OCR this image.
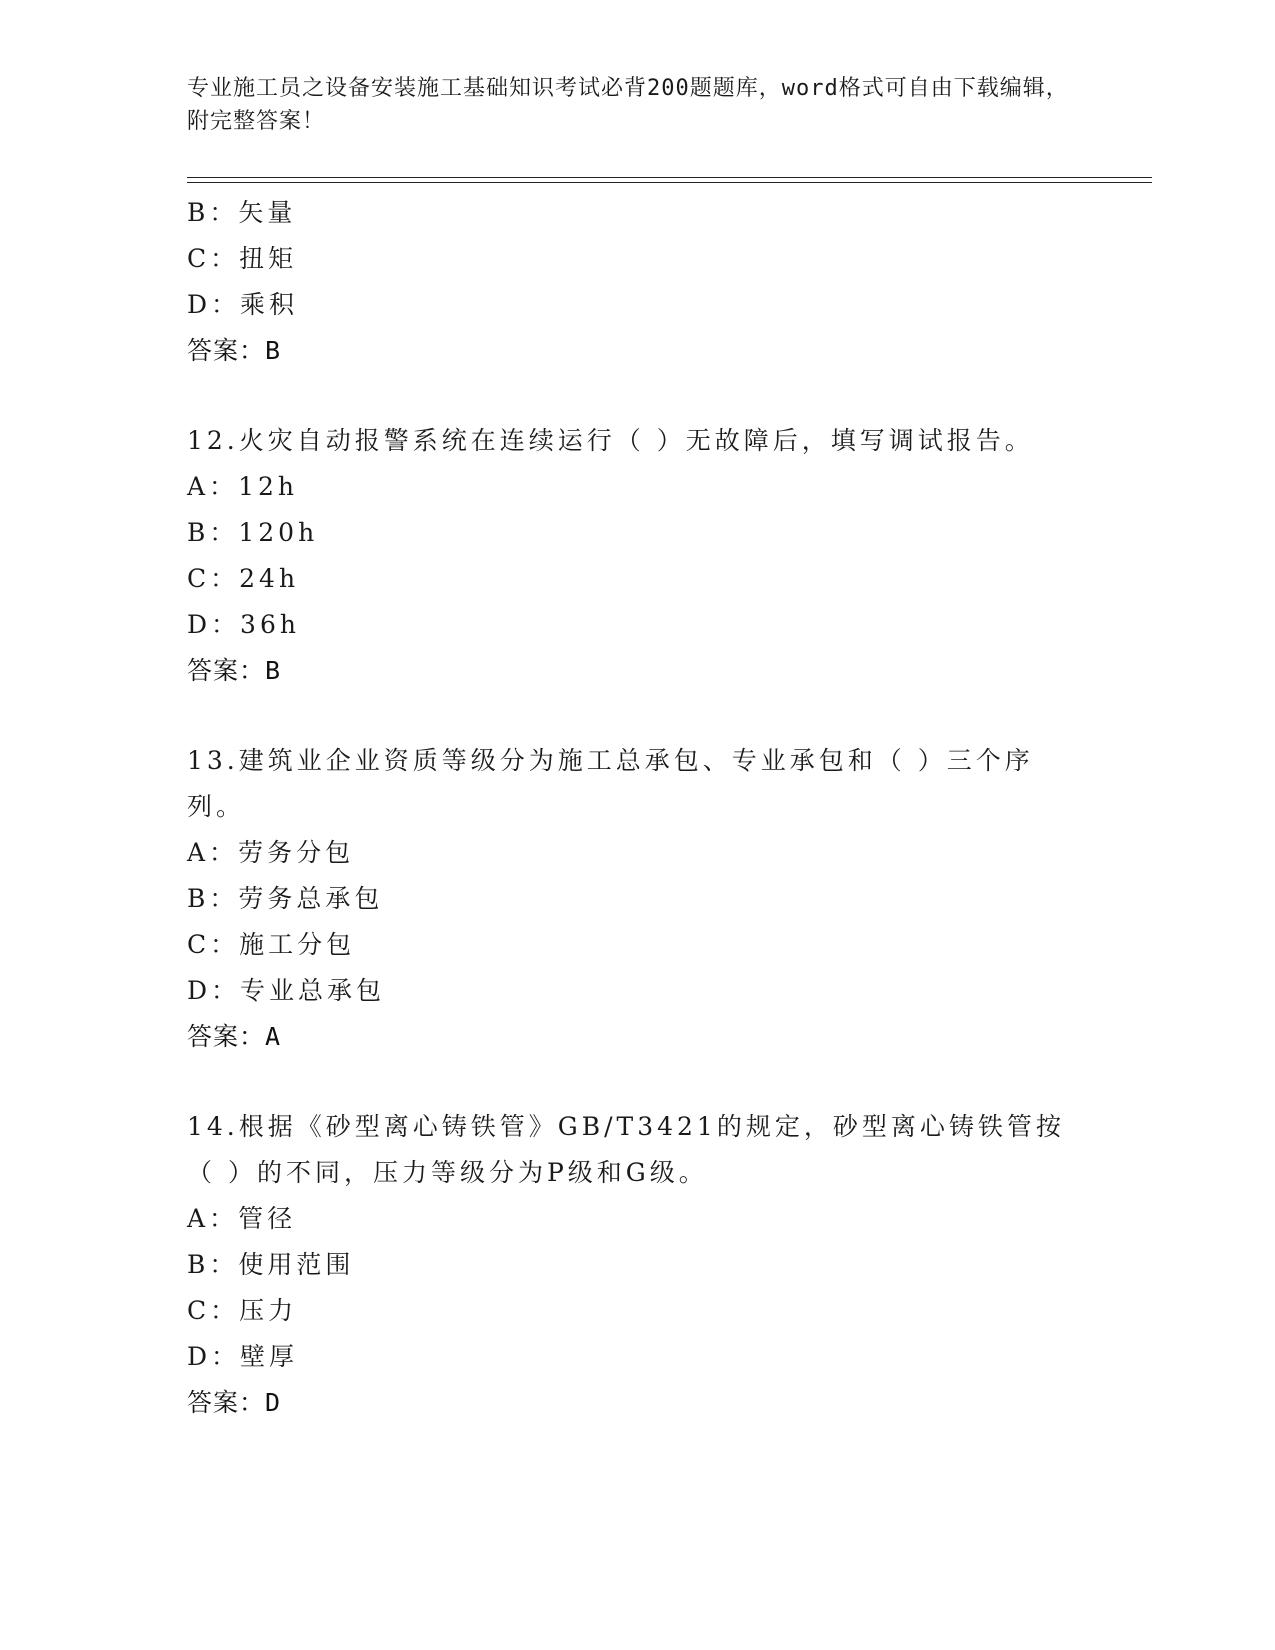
专业施工员之设备安装施工基础知识考试必背200题题库，word格式可自由下载编辑，附完整答案！
B：矢量
C：扭矩
D：乘积
答案：B
12.火灾自动报警系统在连续运行（ ）无故障后，填写调试报告。
A：12h
B：120h
C：24h
D：36h
答案：B
13.建筑业企业资质等级分为施工总承包、专业承包和（ ）三个序列。
A：劳务分包
B：劳务总承包
C：施工分包
D：专业总承包
答案：A
14.根据《砂型离心铸铁管》GB/T3421的规定，砂型离心铸铁管按（ ）的不同，压力等级分为P级和G级。
A：管径
B：使用范围
C：压力
D：壁厚
答案：D
